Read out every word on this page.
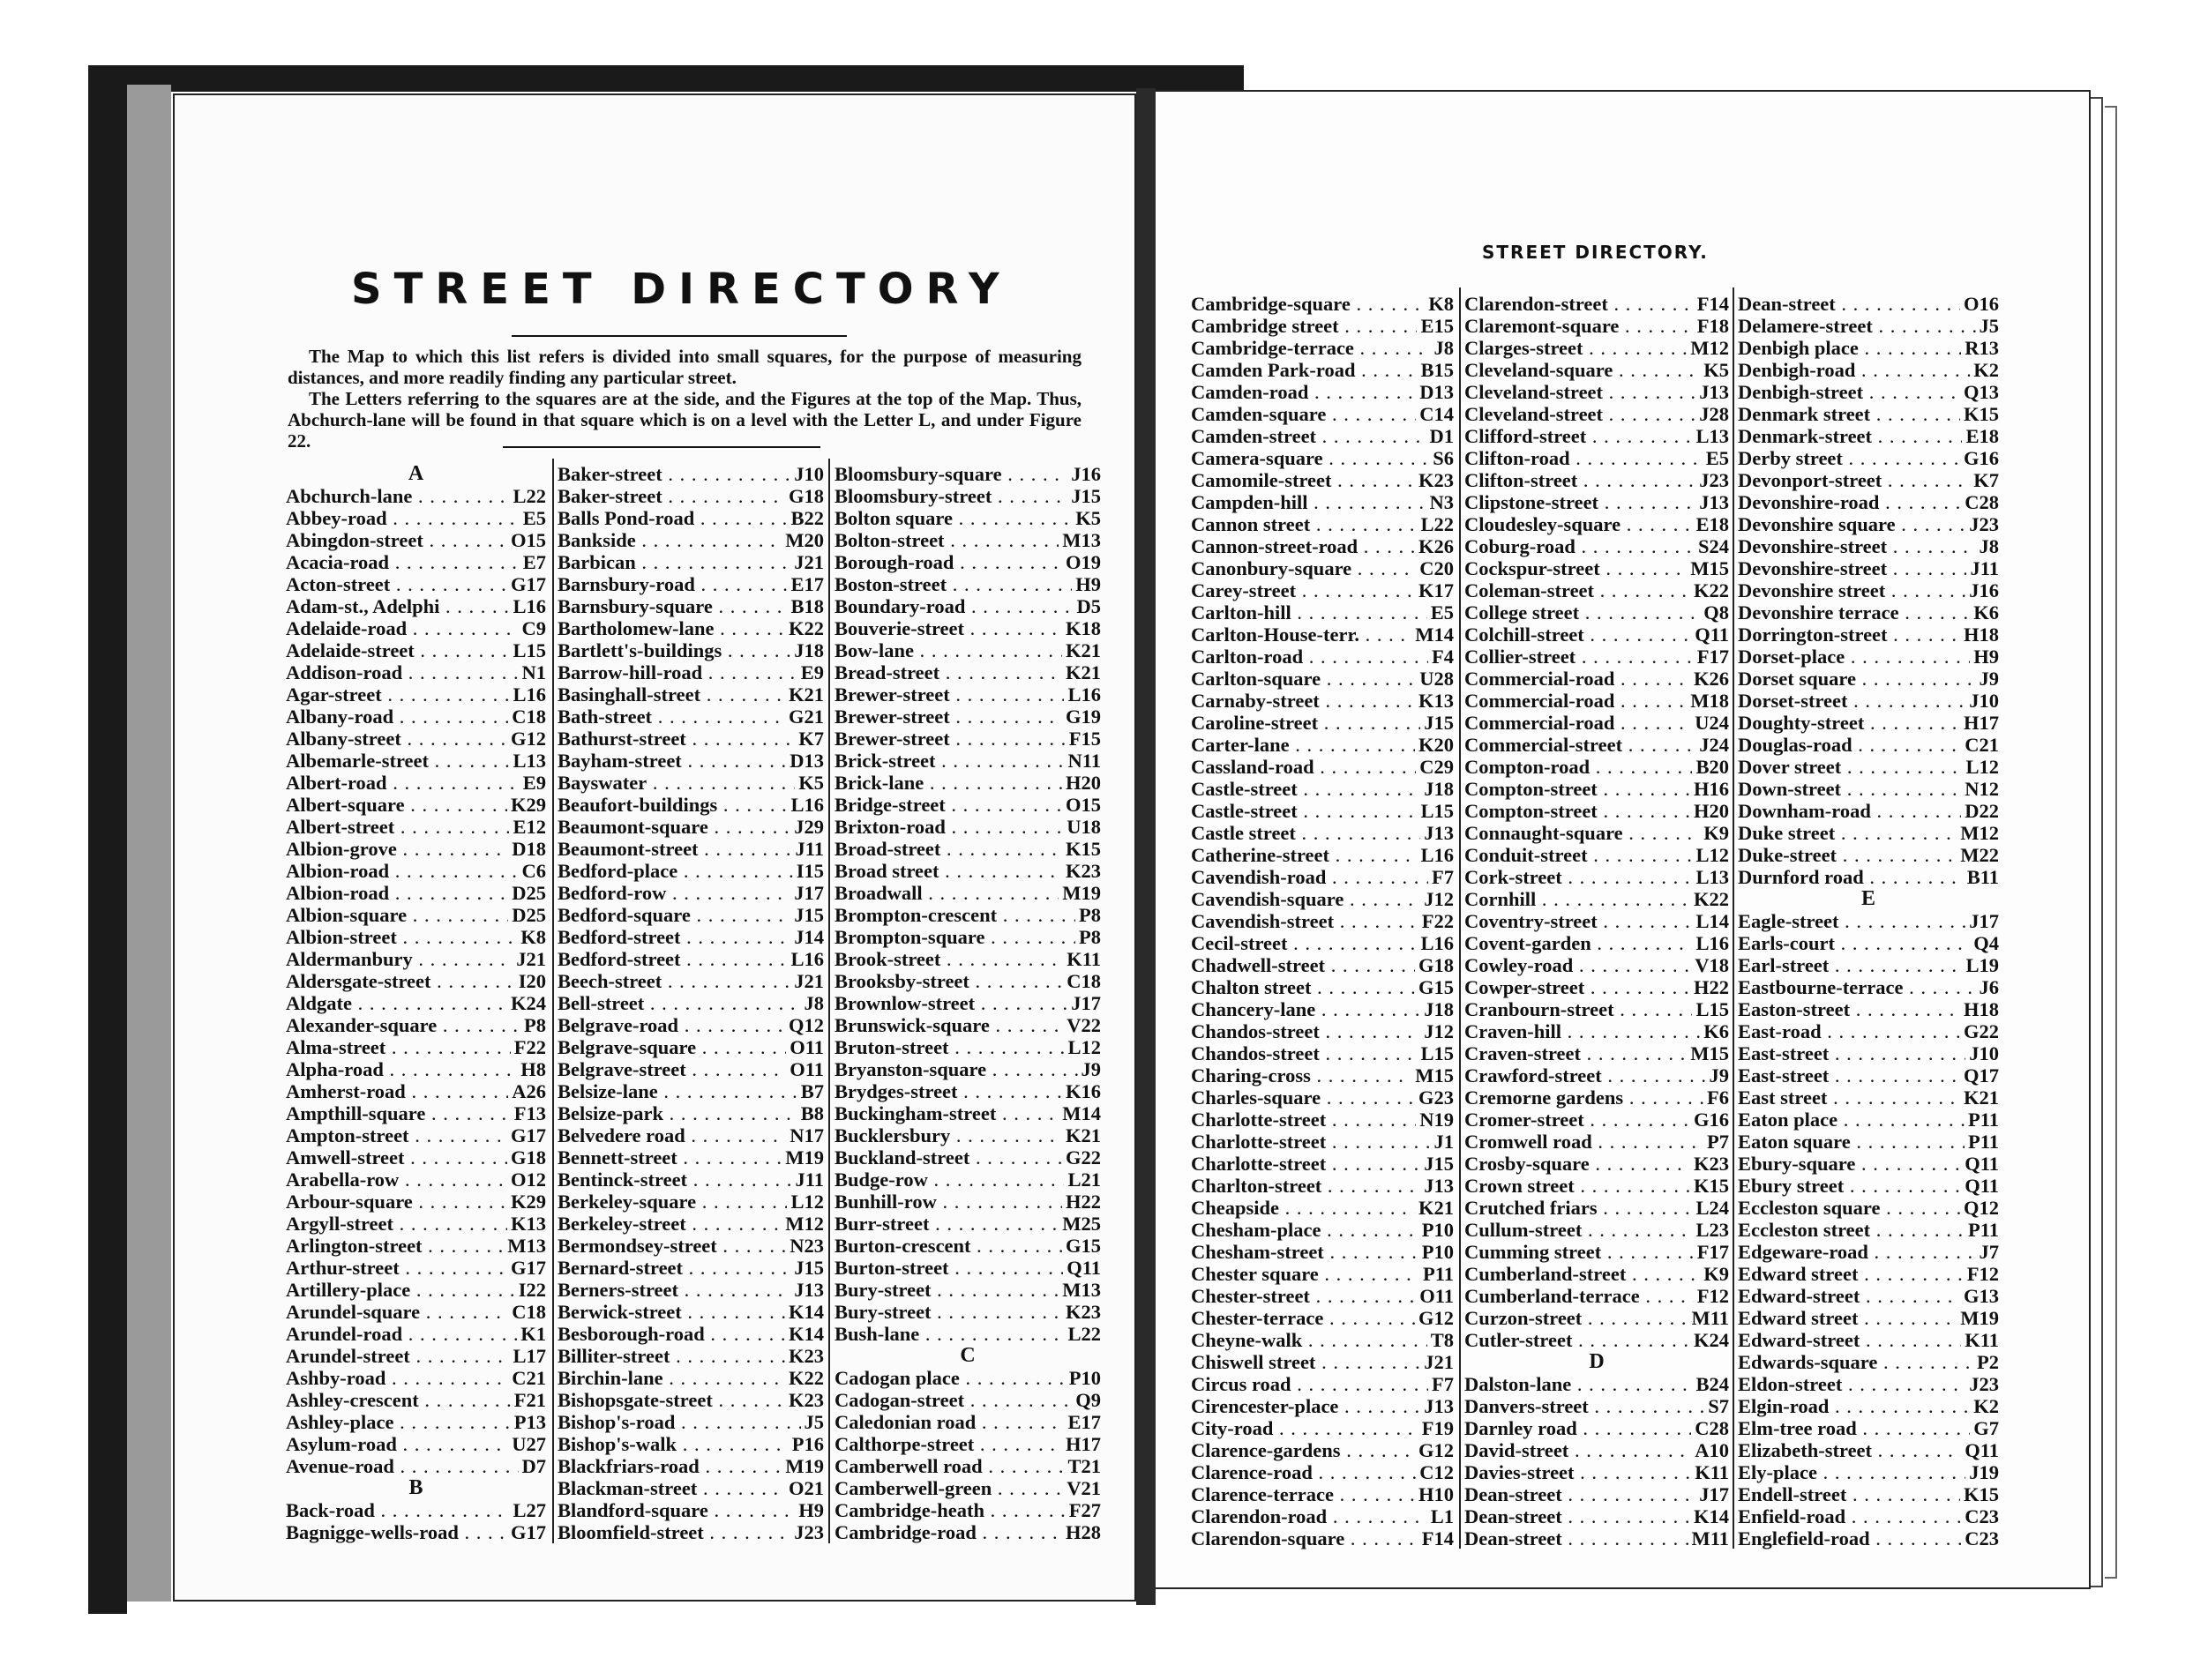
STREET DIRECTORY

The Map to which this list refers is divided into small squares, for the purpose of measuring distances, and more readily finding any particular street.

The Letters referring to the squares are at the side, and the Figures at the top of the Map. Thus, Abchurch-lane will be found in that square which is on a level with the Letter L, and under Figure 22.

STREET DIRECTORY.
A
Abchurch-lane . . .	L22
Abbey-road . . .	E5
Abingdon-street . . .	O15
Acacia-road . . .	E7
Acton-street . . .	G17
Adam-st., Adelphi . . .	L16
Adelaide-road . . .	C9
Adelaide-street . . .	L15
Addison-road . . .	N1
Agar-street . . .	L16
Albany-road . . .	C18
Albany-street . . .	G12
Albemarle-street . . .	L13
Albert-road . . .	E9
Albert-square . . .	K29
Albert-street . . .	E12
Albion-grove . . .	D18
Albion-road . . .	C6
Albion-road . . .	D25
Albion-square . . .	D25
Albion-street . . .	K8
Aldermanbury . . .	J21
Aldersgate-street . . .	I20
Aldgate . . .	K24
Alexander-square . . .	P8
Alma-street . . .	F22
Alpha-road . . .	H8
Amherst-road . . .	A26
Ampthill-square . . .	F13
Ampton-street . . .	G17
Amwell-street . . .	G18
Arabella-row . . .	O12
Arbour-square . . .	K29
Argyll-street . . .	K13
Arlington-street . . .	M13
Arthur-street . . .	G17
Artillery-place . . .	I22
Arundel-square . . .	C18
Arundel-road . . .	K1
Arundel-street . . .	L17
Ashby-road . . .	C21
Ashley-crescent . . .	F21
Ashley-place . . .	P13
Asylum-road . . .	U27
Avenue-road . . .	D7
B
Back-road . . .	L27
Bagnigge-wells-road . . .	G17
Baker-street . . .	J10
Baker-street . . .	G18
Balls Pond-road . . .	B22
Bankside . . .	M20
Barbican . . .	J21
Barnsbury-road . . .	E17
Barnsbury-square . . .	B18
Bartholomew-lane . . .	K22
Bartlett's-buildings . . .	J18
Barrow-hill-road . . .	E9
Basinghall-street . . .	K21
Bath-street . . .	G21
Bathurst-street . . .	K7
Bayham-street . . .	D13
Bayswater . . .	K5
Beaufort-buildings . . .	L16
Beaumont-square . . .	J29
Beaumont-street . . .	J11
Bedford-place . . .	I15
Bedford-row . . .	J17
Bedford-square . . .	J15
Bedford-street . . .	J14
Bedford-street . . .	L16
Beech-street . . .	J21
Bell-street . . .	J8
Belgrave-road . . .	Q12
Belgrave-square . . .	O11
Belgrave-street . . .	O11
Belsize-lane . . .	B7
Belsize-park . . .	B8
Belvedere road . . .	N17
Bennett-street . . .	M19
Bentinck-street . . .	J11
Berkeley-square . . .	L12
Berkeley-street . . .	M12
Bermondsey-street . . .	N23
Bernard-street . . .	J15
Berners-street . . .	J13
Berwick-street . . .	K14
Besborough-road . . .	K14
Billiter-street . . .	K23
Birchin-lane . . .	K22
Bishopsgate-street . . .	K23
Bishop's-road . . .	J5
Bishop's-walk . . .	P16
Blackfriars-road . . .	M19
Blackman-street . . .	O21
Blandford-square . . .	H9
Bloomfield-street . . .	J23
Bloomsbury-square . . .	J16
Bloomsbury-street . . .	J15
Bolton square . . .	K5
Bolton-street . . .	M13
Borough-road . . .	O19
Boston-street . . .	H9
Boundary-road . . .	D5
Bouverie-street . . .	K18
Bow-lane . . .	K21
Bread-street . . .	K21
Brewer-street . . .	L16
Brewer-street . . .	G19
Brewer-street . . .	F15
Brick-street . . .	N11
Brick-lane . . .	H20
Bridge-street . . .	O15
Brixton-road . . .	U18
Broad-street . . .	K15
Broad street . . .	K23
Broadwall . . .	M19
Brompton-crescent . . .	P8
Brompton-square . . .	P8
Brook-street . . .	K11
Brooksby-street . . .	C18
Brownlow-street . . .	J17
Brunswick-square . . .	V22
Bruton-street . . .	L12
Bryanston-square . . .	J9
Brydges-street . . .	K16
Buckingham-street . . .	M14
Bucklersbury . . .	K21
Buckland-street . . .	G22
Budge-row . . .	L21
Bunhill-row . . .	H22
Burr-street . . .	M25
Burton-crescent . . .	G15
Burton-street . . .	Q11
Bury-street . . .	M13
Bury-street . . .	K23
Bush-lane . . .	L22
C
Cadogan place . . .	P10
Cadogan-street . . .	Q9
Caledonian road . . .	E17
Calthorpe-street . . .	H17
Camberwell road . . .	T21
Camberwell-green . . .	V21
Cambridge-heath . . .	F27
Cambridge-road . . .	H28
Cambridge-square . . .	K8
Cambridge street . . .	E15
Cambridge-terrace . . .	J8
Camden Park-road . . .	B15
Camden-road . . .	D13
Camden-square . . .	C14
Camden-street . . .	D1
Camera-square . . .	S6
Camomile-street . . .	K23
Campden-hill . . .	N3
Cannon street . . .	L22
Cannon-street-road . . .	K26
Canonbury-square . . .	C20
Carey-street . . .	K17
Carlton-hill . . .	E5
Carlton-House-terr. . . .	M14
Carlton-road . . .	F4
Carlton-square . . .	U28
Carnaby-street . . .	K13
Caroline-street . . .	J15
Carter-lane . . .	K20
Cassland-road . . .	C29
Castle-street . . .	J18
Castle-street . . .	L15
Castle street . . .	J13
Catherine-street . . .	L16
Cavendish-road . . .	F7
Cavendish-square . . .	J12
Cavendish-street . . .	F22
Cecil-street . . .	L16
Chadwell-street . . .	G18
Chalton street . . .	G15
Chancery-lane . . .	J18
Chandos-street . . .	J12
Chandos-street . . .	L15
Charing-cross . . .	M15
Charles-square . . .	G23
Charlotte-street . . .	N19
Charlotte-street . . .	J1
Charlotte-street . . .	J15
Charlton-street . . .	J13
Cheapside . . .	K21
Chesham-place . . .	P10
Chesham-street . . .	P10
Chester square . . .	P11
Chester-street . . .	O11
Chester-terrace . . .	G12
Cheyne-walk . . .	T8
Chiswell street . . .	J21
Circus road . . .	F7
Cirencester-place . . .	J13
City-road . . .	F19
Clarence-gardens . . .	G12
Clarence-road . . .	C12
Clarence-terrace . . .	H10
Clarendon-road . . .	L1
Clarendon-square . . .	F14
Clarendon-street . . .	F14
Claremont-square . . .	F18
Clarges-street . . .	M12
Cleveland-square . . .	K5
Cleveland-street . . .	J13
Cleveland-street . . .	J28
Clifford-street . . .	L13
Clifton-road . . .	E5
Clifton-street . . .	J23
Clipstone-street . . .	J13
Cloudesley-square . . .	E18
Coburg-road . . .	S24
Cockspur-street . . .	M15
Coleman-street . . .	K22
College street . . .	Q8
Colchill-street . . .	Q11
Collier-street . . .	F17
Commercial-road . . .	K26
Commercial-road . . .	M18
Commercial-road . . .	U24
Commercial-street . . .	J24
Compton-road . . .	B20
Compton-street . . .	H16
Compton-street . . .	H20
Connaught-square . . .	K9
Conduit-street . . .	L12
Cork-street . . .	L13
Cornhill . . .	K22
Coventry-street . . .	L14
Covent-garden . . .	L16
Cowley-road . . .	V18
Cowper-street . . .	H22
Cranbourn-street . . .	L15
Craven-hill . . .	K6
Craven-street . . .	M15
Crawford-street . . .	J9
Cremorne gardens . . .	F6
Cromer-street . . .	G16
Cromwell road . . .	P7
Crosby-square . . .	K23
Crown street . . .	K15
Crutched friars . . .	L24
Cullum-street . . .	L23
Cumming street . . .	F17
Cumberland-street . . .	K9
Cumberland-terrace . . .	F12
Curzon-street . . .	M11
Cutler-street . . .	K24
D
Dalston-lane . . .	B24
Danvers-street . . .	S7
Darnley road . . .	C28
David-street . . .	A10
Davies-street . . .	K11
Dean-street . . .	J17
Dean-street . . .	K14
Dean-street . . .	M11
Dean-street . . .	O16
Delamere-street . . .	J5
Denbigh place . . .	R13
Denbigh-road . . .	K2
Denbigh-street . . .	Q13
Denmark street . . .	K15
Denmark-street . . .	E18
Derby street . . .	G16
Devonport-street . . .	K7
Devonshire-road . . .	C28
Devonshire square . . .	J23
Devonshire-street . . .	J8
Devonshire-street . . .	J11
Devonshire street . . .	J16
Devonshire terrace . . .	K6
Dorrington-street . . .	H18
Dorset-place . . .	H9
Dorset square . . .	J9
Dorset-street . . .	J10
Doughty-street . . .	H17
Douglas-road . . .	C21
Dover street . . .	L12
Down-street . . .	N12
Downham-road . . .	D22
Duke street . . .	M12
Duke-street . . .	M22
Durnford road . . .	B11
E
Eagle-street . . .	J17
Earls-court . . .	Q4
Earl-street . . .	L19
Eastbourne-terrace . . .	J6
Easton-street . . .	H18
East-road . . .	G22
East-street . . .	J10
East-street . . .	Q17
East street . . .	K21
Eaton place . . .	P11
Eaton square . . .	P11
Ebury-square . . .	Q11
Ebury street . . .	Q11
Eccleston square . . .	Q12
Eccleston street . . .	P11
Edgeware-road . . .	J7
Edward street . . .	F12
Edward-street . . .	G13
Edward street . . .	M19
Edward-street . . .	K11
Edwards-square . . .	P2
Eldon-street . . .	J23
Elgin-road . . .	K2
Elm-tree road . . .	G7
Elizabeth-street . . .	Q11
Ely-place . . .	J19
Endell-street . . .	K15
Enfield-road . . .	C23
Englefield-road . . .	C23
